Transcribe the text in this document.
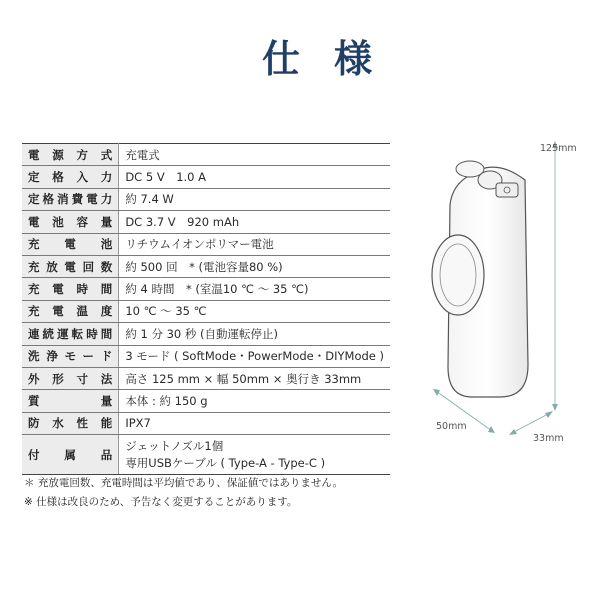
仕様
電源方式	充電式
定格入力	DC 5 V　1.0 A
定格消費電力	約 7.4 W
電池容量	DC 3.7 V　920 mAh
充電池	リチウムイオンポリマー電池
充放電回数	約 500 回　* (電池容量80 %)
充電時間	約 4 時間　* (室温10 ℃ ～ 35 ℃)
充電温度	10 ℃ ～ 35 ℃
連続運転時間	約 1 分 30 秒 (自動運転停止)
洗浄モード	3 モード ( SoftMode・PowerMode・DIYMode )
外形寸法	高さ 125 mm × 幅 50mm × 奥行き 33mm
質量	本体 : 約 150 g
防水性能	IPX7
付属品	ジェットノズル1個
専用USBケーブル ( Type-A - Type-C )
＊ 充放電回数、充電時間は平均値であり、保証値ではありません。
※ 仕様は改良のため、予告なく変更することがあります。
125mm
50mm
33mm
